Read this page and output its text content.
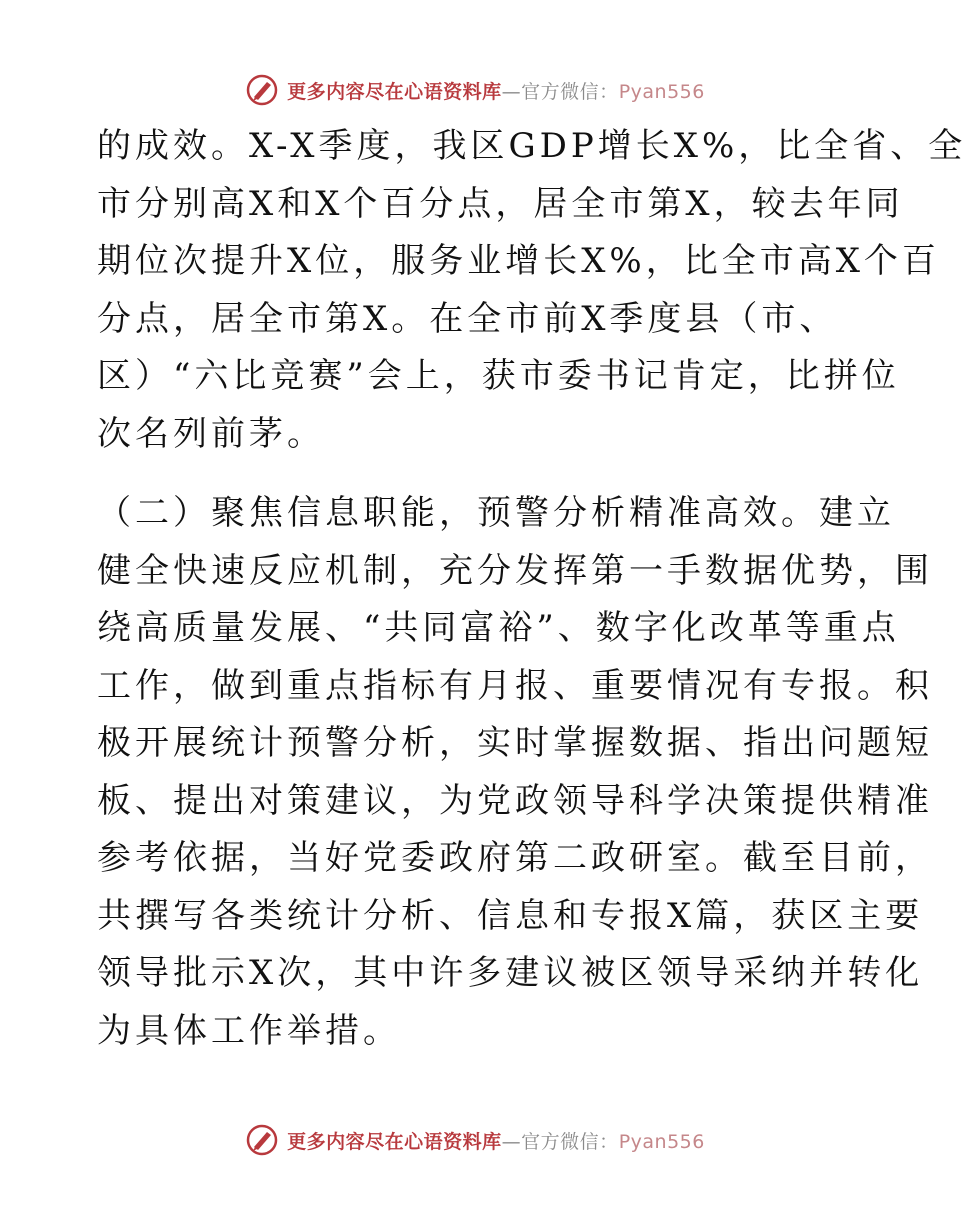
更多内容尽在心语资料库—官方微信：Pyan556
的成效。X-X季度，我区GDP增长X%，比全省、全
市分别高X和X个百分点，居全市第X，较去年同
期位次提升X位，服务业增长X%，比全市高X个百
分点，居全市第X。在全市前X季度县（市、
区）“六比竞赛”会上，获市委书记肯定，比拼位
次名列前茅。
（二）聚焦信息职能，预警分析精准高效。建立
健全快速反应机制，充分发挥第一手数据优势，围
绕高质量发展、“共同富裕”、数字化改革等重点
工作，做到重点指标有月报、重要情况有专报。积
极开展统计预警分析，实时掌握数据、指出问题短
板、提出对策建议，为党政领导科学决策提供精准
参考依据，当好党委政府第二政研室。截至目前，
共撰写各类统计分析、信息和专报X篇，获区主要
领导批示X次，其中许多建议被区领导采纳并转化
为具体工作举措。
更多内容尽在心语资料库—官方微信：Pyan556
